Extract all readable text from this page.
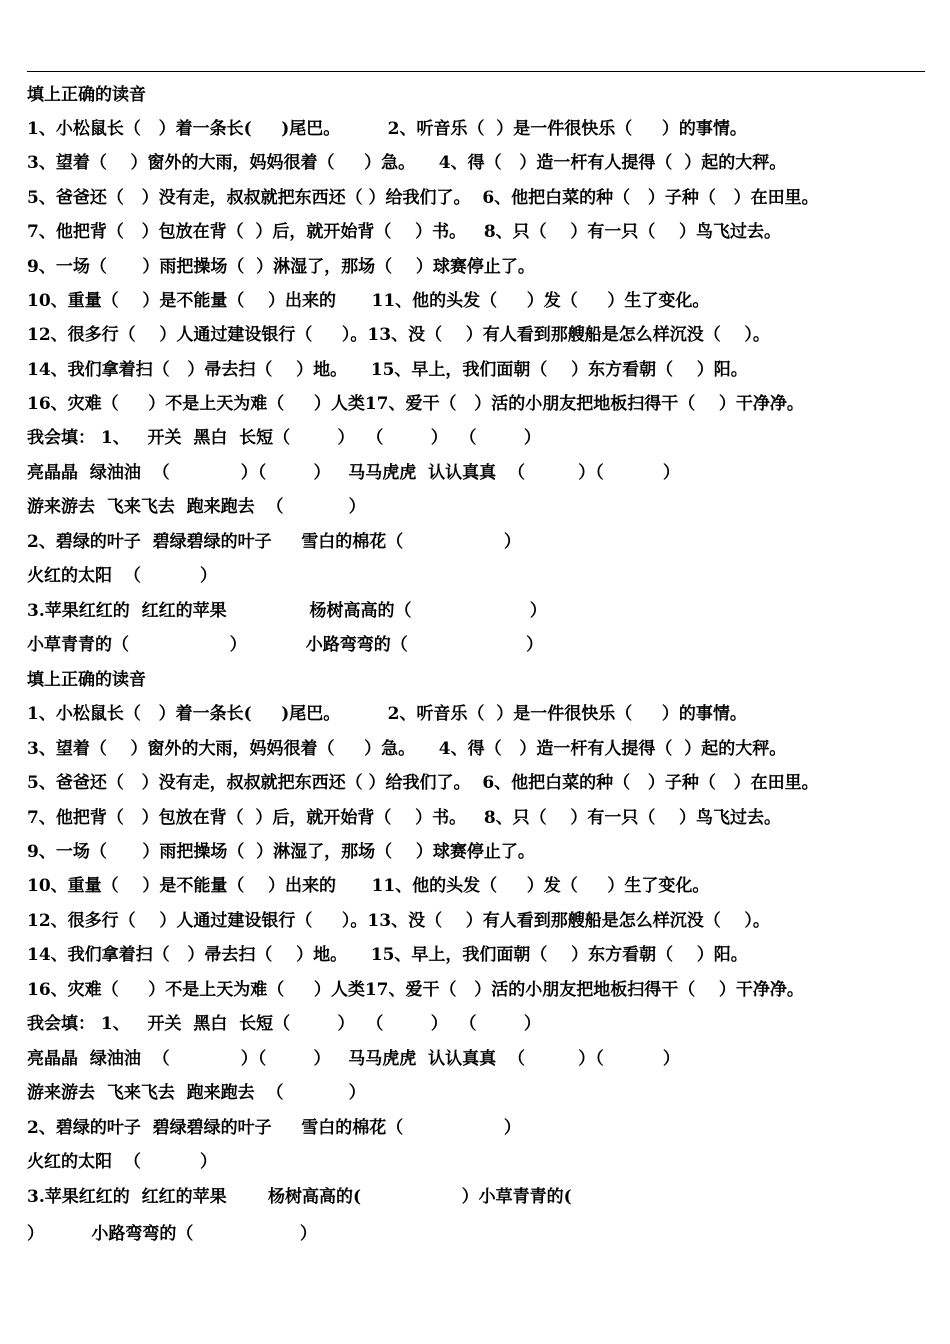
填上正确的读音
1、小松鼠长（   ）着一条长(     )尾巴。        2、听音乐（  ）是一件很快乐（     ）的事情。
3、望着（    ）窗外的大雨，妈妈很着（     ）急。    4、得（   ）造一杆有人提得（  ）起的大秤。
5、爸爸还（   ）没有走，叔叔就把东西还（ ）给我们了。  6、他把白菜的种（   ）子种（   ）在田里。
7、他把背（   ）包放在背（  ）后，就开始背（    ）书。   8、只（    ）有一只（    ）鸟飞过去。
9、一场（      ）雨把操场（  ）淋湿了，那场（    ）球赛停止了。
10、重量（    ）是不能量（    ）出来的      11、他的头发（     ）发（     ）生了变化。
12、很多行（    ）人通过建设银行（     ）。13、没（    ）有人看到那艘船是怎么样沉没（    ）。
14、我们拿着扫（   ）帚去扫（    ）地。    15、早上，我们面朝（    ）东方看朝（    ）阳。
16、灾难（     ）不是上天为难（     ）人类17、爱干（   ）活的小朋友把地板扫得干（    ）干净净。
我会填： 1、   开关  黑白  长短（        ）  （        ）  （        ）
亮晶晶  绿油油  （            ）（        ）   马马虎虎  认认真真  （         ）（          ）
游来游去  飞来飞去  跑来跑去  （           ）
2、碧绿的叶子  碧绿碧绿的叶子     雪白的棉花（                 ）
火红的太阳  （          ）
3.苹果红红的  红红的苹果              杨树高高的（                    ）
小草青青的（                 ）          小路弯弯的（                    ）
填上正确的读音
1、小松鼠长（   ）着一条长(     )尾巴。        2、听音乐（  ）是一件很快乐（     ）的事情。
3、望着（    ）窗外的大雨，妈妈很着（     ）急。    4、得（   ）造一杆有人提得（  ）起的大秤。
5、爸爸还（   ）没有走，叔叔就把东西还（ ）给我们了。  6、他把白菜的种（   ）子种（   ）在田里。
7、他把背（   ）包放在背（  ）后，就开始背（    ）书。   8、只（    ）有一只（    ）鸟飞过去。
9、一场（      ）雨把操场（  ）淋湿了，那场（    ）球赛停止了。
10、重量（    ）是不能量（    ）出来的      11、他的头发（     ）发（     ）生了变化。
12、很多行（    ）人通过建设银行（     ）。13、没（    ）有人看到那艘船是怎么样沉没（    ）。
14、我们拿着扫（   ）帚去扫（    ）地。    15、早上，我们面朝（    ）东方看朝（    ）阳。
16、灾难（     ）不是上天为难（     ）人类17、爱干（   ）活的小朋友把地板扫得干（    ）干净净。
我会填： 1、   开关  黑白  长短（        ）  （        ）  （        ）
亮晶晶  绿油油  （            ）（        ）   马马虎虎  认认真真  （         ）（          ）
游来游去  飞来飞去  跑来跑去  （           ）
2、碧绿的叶子  碧绿碧绿的叶子     雪白的棉花（                 ）
火红的太阳  （          ）
3.苹果红红的  红红的苹果       杨树高高的(                 ）小草青青的(
）        小路弯弯的（                  ）
